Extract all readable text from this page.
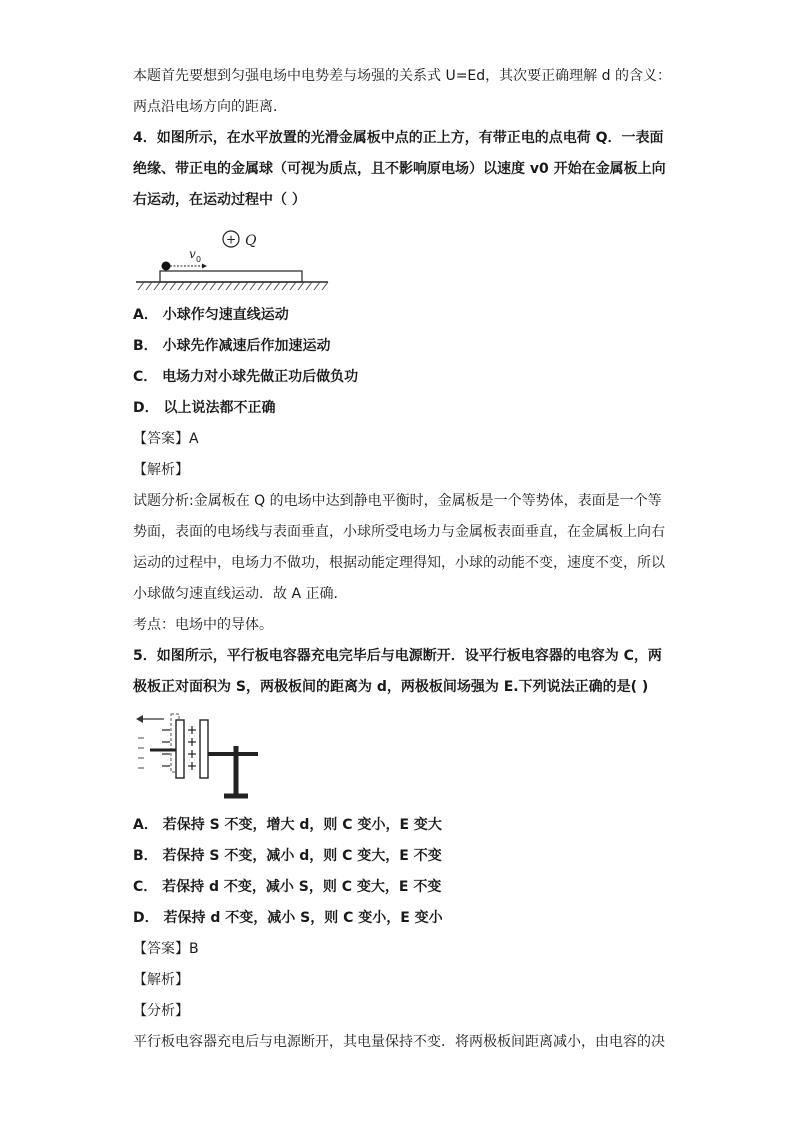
本题首先要想到匀强电场中电势差与场强的关系式 U=Ed，其次要正确理解 d 的含义：
两点沿电场方向的距离．
4．如图所示，在水平放置的光滑金属板中点的正上方，有带正电的点电荷 Q．一表面
绝缘、带正电的金属球（可视为质点，且不影响原电场）以速度 v0 开始在金属板上向
右运动，在运动过程中（ ）
+ Q
v 0
A． 小球作匀速直线运动
B． 小球先作减速后作加速运动
C． 电场力对小球先做正功后做负功
D． 以上说法都不正确
【答案】A
【解析】
试题分析:金属板在 Q 的电场中达到静电平衡时，金属板是一个等势体，表面是一个等
势面，表面的电场线与表面垂直，小球所受电场力与金属板表面垂直，在金属板上向右
运动的过程中，电场力不做功，根据动能定理得知，小球的动能不变，速度不变，所以
小球做匀速直线运动．故 A 正确．
考点：电场中的导体。
5．如图所示，平行板电容器充电完毕后与电源断开．设平行板电容器的电容为 C，两
极板正对面积为 S，两极板间的距离为 d，两极板间场强为 E.下列说法正确的是( )
A． 若保持 S 不变，增大 d，则 C 变小，E 变大
B． 若保持 S 不变，减小 d，则 C 变大，E 不变
C． 若保持 d 不变，减小 S，则 C 变大，E 不变
D． 若保持 d 不变，减小 S，则 C 变小，E 变小
【答案】B
【解析】
【分析】
平行板电容器充电后与电源断开，其电量保持不变．将两极板间距离减小，由电容的决
